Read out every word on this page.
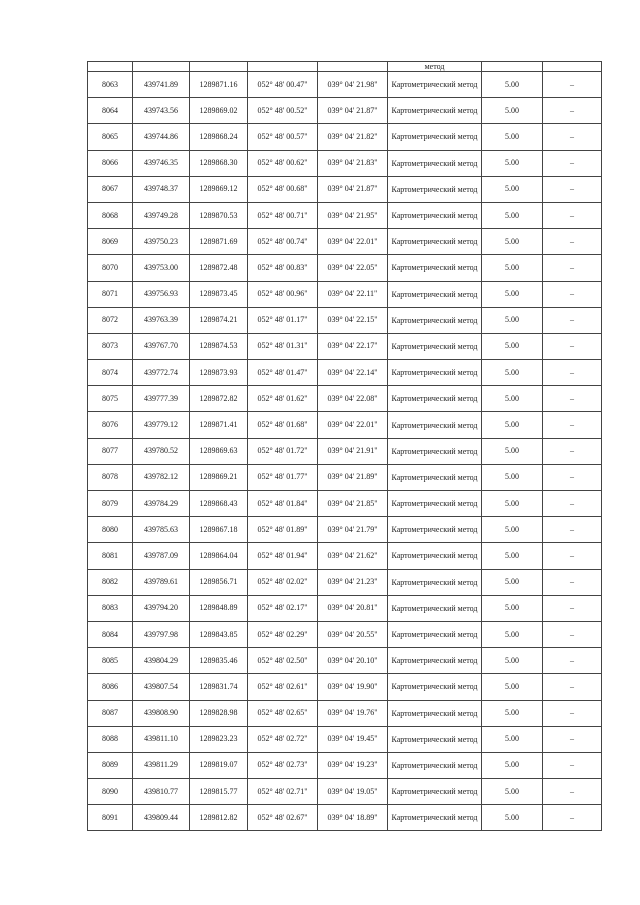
					метод		
8063	439741.89	1289871.16	052° 48' 00.47"	039° 04' 21.98"	Картометрический метод	5.00	–
8064	439743.56	1289869.02	052° 48' 00.52"	039° 04' 21.87"	Картометрический метод	5.00	–
8065	439744.86	1289868.24	052° 48' 00.57"	039° 04' 21.82"	Картометрический метод	5.00	–
8066	439746.35	1289868.30	052° 48' 00.62"	039° 04' 21.83"	Картометрический метод	5.00	–
8067	439748.37	1289869.12	052° 48' 00.68"	039° 04' 21.87"	Картометрический метод	5.00	–
8068	439749.28	1289870.53	052° 48' 00.71"	039° 04' 21.95"	Картометрический метод	5.00	–
8069	439750.23	1289871.69	052° 48' 00.74"	039° 04' 22.01"	Картометрический метод	5.00	–
8070	439753.00	1289872.48	052° 48' 00.83"	039° 04' 22.05"	Картометрический метод	5.00	–
8071	439756.93	1289873.45	052° 48' 00.96"	039° 04' 22.11"	Картометрический метод	5.00	–
8072	439763.39	1289874.21	052° 48' 01.17"	039° 04' 22.15"	Картометрический метод	5.00	–
8073	439767.70	1289874.53	052° 48' 01.31"	039° 04' 22.17"	Картометрический метод	5.00	–
8074	439772.74	1289873.93	052° 48' 01.47"	039° 04' 22.14"	Картометрический метод	5.00	–
8075	439777.39	1289872.82	052° 48' 01.62"	039° 04' 22.08"	Картометрический метод	5.00	–
8076	439779.12	1289871.41	052° 48' 01.68"	039° 04' 22.01"	Картометрический метод	5.00	–
8077	439780.52	1289869.63	052° 48' 01.72"	039° 04' 21.91"	Картометрический метод	5.00	–
8078	439782.12	1289869.21	052° 48' 01.77"	039° 04' 21.89"	Картометрический метод	5.00	–
8079	439784.29	1289868.43	052° 48' 01.84"	039° 04' 21.85"	Картометрический метод	5.00	–
8080	439785.63	1289867.18	052° 48' 01.89"	039° 04' 21.79"	Картометрический метод	5.00	–
8081	439787.09	1289864.04	052° 48' 01.94"	039° 04' 21.62"	Картометрический метод	5.00	–
8082	439789.61	1289856.71	052° 48' 02.02"	039° 04' 21.23"	Картометрический метод	5.00	–
8083	439794.20	1289848.89	052° 48' 02.17"	039° 04' 20.81"	Картометрический метод	5.00	–
8084	439797.98	1289843.85	052° 48' 02.29"	039° 04' 20.55"	Картометрический метод	5.00	–
8085	439804.29	1289835.46	052° 48' 02.50"	039° 04' 20.10"	Картометрический метод	5.00	–
8086	439807.54	1289831.74	052° 48' 02.61"	039° 04' 19.90"	Картометрический метод	5.00	–
8087	439808.90	1289828.98	052° 48' 02.65"	039° 04' 19.76"	Картометрический метод	5.00	–
8088	439811.10	1289823.23	052° 48' 02.72"	039° 04' 19.45"	Картометрический метод	5.00	–
8089	439811.29	1289819.07	052° 48' 02.73"	039° 04' 19.23"	Картометрический метод	5.00	–
8090	439810.77	1289815.77	052° 48' 02.71"	039° 04' 19.05"	Картометрический метод	5.00	–
8091	439809.44	1289812.82	052° 48' 02.67"	039° 04' 18.89"	Картометрический метод	5.00	–
